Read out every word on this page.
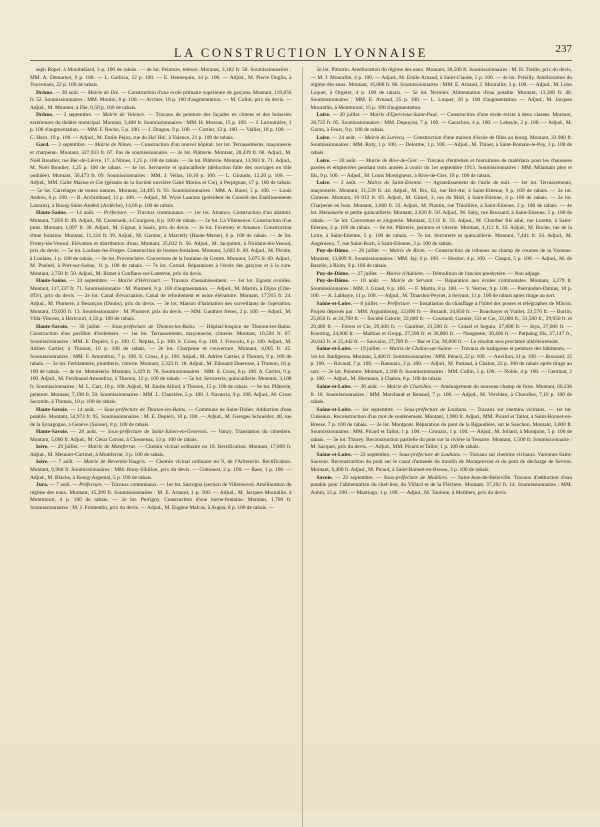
$_{LA CONSTRUCTION LYONNAISE}$	237

seph Ropel, à Montbeliard, 3 p. 100 de rabais. — 4e lot. Peinture, tenture. Montant, 3,182 fr. 50. Soumissionnaires : MM. A. Demarnet, 9 p. 100. — L. Gallicia, 12 p. 100. — E. Hennequin, 14 p. 100. — Adjud., M. Pierre Doglia, à Vouvenans, 22 p. 100 de rabais.

Drôme. — 30 août. — Mairie de Die. — Construction d'une école primaire supérieure de garçons. Montant, 119,856 fr. 52. Soumissionnaires : MM. Moulin, 8 p. 100. — Archier, 10 p. 100 d'augmentation. — M. Collot, prix du devis. — Adjud., M. Mounier, à Die, 0,50 p. 100 de rabais.

Drôme. — 3 septembre. — Mairie de Valence. — Travaux de peinture des façades en ciment et des boiseries extérieures du théâtre municipal. Montant, 3,400 fr. Soumissionnaires : MM. H. Mossan, 15 p. 100. — J. Laroumière, 1 p. 100 d'augmentation. — MM. F. Roche, 5 p. 100. — J. Dragon, 9 p. 100. — Cortier, 13 p. 100. — Vallier, 18 p. 100. — C. Hays, 19 p. 100. — Adjud., M. Emile Pejoz, rue du Ha! Ha!, à Valence, 21 p. 100 de rabais.

Gard. — 3 septembre. — Mairie de Nîmes. — Construction d'un nouvel hôpital. 1er lot. Terrassements, maçonnerie et charpente. Montant, 327,933 fr. 67. Pas de soumissionnaire. — 2e lot. Plâtrerie. Montant, 28,439 fr. 68. Adjud., M. Noël Boudier, rue Bec-de-Lièvre, 17, à Nîmes, 1,25 p. 100 de rabais. — 3e lot. Plâtrerie. Montant, 13,903 fr. 71. Adjud., M. Noël Boudier, 1,25 p. 100 de rabais. — 4e lot. Serrurerie et quincaillerie (déduction faite des ouvrages en tôle ondulée). Montant, 36,473 fr. 09. Soumissionnaires : MM. J. Vellas, 10,10 p. 100. — L. Giraudo, 12,20 p. 100. — Adjud., MM. Gaïté Marius et Cie (gérants de la Société ouvrière Gaïté Marius et Cie), à Perpignan, 17 p. 100 de rabais. — 5e lot. Carrelages de toutes natures. Montant, 24,495 fr. 93. Soumissionnaires : MM. A. Burel, 5 p. 100. — Louis Andrés, 6 p. 100. — B. Archimbaud, 11 p. 100. — Adjud., M. Wyse Laurans (président du Conseil des Etablissements Laurans), à Bourg-Saint-Andéol (Ardèche), 14,60 p. 100 de rabais.

Haute-Saône. — 14 août. — Préfecture. — Travaux communaux. — 1er lot. Amance. Construction d'un abattoir. Montant, 7,850 fr. 49. Adjud., M. Cassenade, à Courgeon, 8 p. 100 de rabais. — 2e lot. La Villeneuve. Construction d'un puits. Montant, 1,097 fr. 30. Adjud., M. Gignat, à Saulx, prix du devis. — 3e lot. Faverney et Amance. Construction d'une fontaine. Montant, 11,124 fr. 39. Adjud., M. Garnier, à Marcelly (Haute-Marne), 6 p. 100 de rabais. — 4e lot. Frotey-lès-Vesoul. Elévation et distribution d'eau. Montant, 25,832 fr. 50. Adjud., M. Jacquinot, à Noidans-lès-Vesoul, prix du devis. — 5e lot. Loulans-les-Forges. Construction de bornes-fontaines. Montant, 3,603 fr. 60. Adjud., M. Pirotte, à Loulans, 1 p. 100 de rabais. — 6e lot. Provenchère. Couverture de la fontaine du Centre. Montant, 3,075 fr. 60. Adjud., M. Pusinel, à Port-sur-Saône, 11 p. 100 de rabais. — 7e lot. Corrad. Réparations à l'école des garçons et à la cure. Montant, 2,750 fr. 50. Adjud., M. Rimet à Conflans-sur-Lanterne, prix du devis.

Haute-Saône. — 24 septembre. — Mairie d'Héricourt. — Travaux d'assainissement. — 1er lot. Egouts ovoïdes. Montant, 117,337 fr. 71. Soumissionnaire : M. Plumeré, 6 p. 100 d'augmentation. — Adjud., M. Martin, à Dijon (Côte-d'Or), prix du devis. — 2e lot. Canal d'évacuation. Canal de refoulement et usine élévatoire. Montant, 17,915 fr. 24. Adjud., M. Plumeré, à Besançon (Doubs), prix du devis. — 3e lot. Maison d'habitation des surveillants de l'opération. Montant, 19,030 fr. 13. Soumissionnaire : M. Plumeré, prix du devis. — MM. Gauthier frères, 2 p. 100. — Adjud., M. Villa-Vincent, à Héricourt, 4,50 p. 100 de rabais.

Haute-Savoie. — 30 juillet. — Sous-préfecture de Thonon-les-Bains. — Hôpital-hospice de Thonon-les-Bains. Construction d'un pavillon d'isolement. — 1er lot. Terrassements, maçonnerie, ciments. Montant, 10,503 fr. 67. Soumissionnaires : MM. E. Depiéri, 5 p. 100. C. Néplaz, 5 p. 100. S. Cross, 6 p. 100. J. Frescolu, 6 p. 100. Adjud., M. Adrien Cartier, à Thonon, 10 p. 100 de rabais. — 2e lot. Charpente et couverture. Montant, 4,065 fr. 42. Soumissionnaires : MM. F. Amondruz, 7 p. 100. S. Cross, 8 p. 100. Adjud., M. Adrien Cartier, à Thonon, 9 p. 100 de rabais. — 3e lot. Ferblanterie, plomberie, vitrerie. Montant, 2,323 fr. 18. Adjud., M. Edouard Duerosse, à Thonon, 16 p. 100 de rabais. — 4e lot. Menuiserie. Montant, 3,429 fr. 78. Soumissionnaires : MM. S. Cross, 8 p. 100. A. Cartier, 9 p. 100. Adjud., M. Ferdinand Amondruz, à Thonon, 12 p. 100 de rabais. — 5e lot. Serrurerie, quincaillerie. Montant, 3,108 fr. Soumissionnaires : M. L. Cart, 10 p. 100. Adjud., M. Emile Alliod, à Thonon, 15 p. 100 de rabais. — 6e lot. Plâtrerie, peinture. Montant, 7,198 fr. 50. Soumissionnaires : MM. L. Charrière, 5 p. 100. J. Navarria, 9 p. 100. Adjud., M. Gross Secondo, à Thonon, 10 p. 100 de rabais.

Haute-Savoie. — 14 août. — Sous-préfecture de Thonon-les-Bains. — Commune de Saint-Didier. Adduction d'eau potable. Montant, 54,974 fr. 95. Soumissionnaires : M. E. Depiéri, 10 p. 100. — Adjud., M. Georges Schneider, 40, rue de la Synagogue, à Genève (Suisse), 8 p. 100 de rabais.

Haute-Savoie. — 28 août. — Sous-préfecture de Saint-Julien-en-Genevois. — Vanzy. Translation du cimetière. Montant, 5,000 fr. Adjud., M. César Coroni, à Chessenaz, 13 p. 100 de rabais.

Isère. — 29 juillet. — Mairie de Montferrat. — Chemin vicinal ordinaire no 10. Rectification. Montant, 17,000 fr. Adjud., M. Meunier-Curtinet, à Montferrat, 3 p. 100 de rabais.

Isère. — 7 août. — Mairie de Reventin-Vaugris. — Chemin vicinal ordinaire no 9, de l'Arbresvin. Rectification. Montant, 9,900 fr. Soumissionnaires : MM. Rony-Sibillon, prix du devis. — Cottonest, 2 p. 100. — Rase, 1 p. 100. — Adjud., M. Blache, à Bourg-Argental, 5 p. 100 de rabais.

Jura. — 7 août. — Préfecture. — Travaux communaux. — 1er lot. Sarrogna (section de Villeneuve). Amélioration du régime des eaux. Montant, 15,209 fr. Soumissionnaires : M. E. Arnaud, 1 p. 100. — Adjud., M. Jacques Mourallie, à Montmorot, 4 p. 100 de rabais. — 2e lot. Perrigny. Construction d'une borne-fontaine. Montant, 1,700 fr. Soumissionnaires : M. J. Fromentin, prix du devis. — Adjud., M. Eugène Malcas, à Augea, 8 p. 100 de rabais. —

3e lot. Pimorin. Amélioration du régime des eaux. Montant, 38,500 fr. Soumissionnaires : M. H. Treille, prix du devis. — M. J. Mourallie, 4 p. 100. — Adjud., M. Emile Arnaud, à Saint-Claude, 5 p. 100. — 4e lot. Présilly. Amélioration du régime des eaux. Montant, 16,088 fr. 60. Soumissionnaires : MM. E. Arnaud, J. Mourallie, 3 p. 100. — Adjud., M. Léon Luquet, à Orgelet, 4 p. 100 de rabais. — 5e lot. Nermier. Alimentation d'eau potable. Montant, 13,388 fr. 48. Soumissionnaires : MM. E. Arnaud, 25 p. 100. — L. Luquet, 20 p. 100 d'augmentation. — Adjud., M. Jacques Mourallie, à Montmorot, 15 p. 100 d'augmentation.

Loire. — 20 juillet. — Mairie d'Epercieux-Saint-Paul. — Construction d'une école mixte à deux classes. Montant, 28,735 fr. 05. Soumissionnaires : MM. Dupuyrat, 7 p. 100. — Garachon, 4 p. 100. — Lebayle, 2 p. 100. — Adjud., M. Garon, à Feurs, 9 p. 100 de rabais.

Loire. — 24 août. — Mairie de Luriecq. — Construction d'une maison d'école de filles au bourg. Montant, 33 900 fr. Soumissionnaires : MM. Roly, 1 p. 100. — Delorme, 1 p. 100. — Adjud., M. Thinet, à Saint-Romain-le-Puy, 3 p. 100 de rabais.

Loire. — 28 août. — Mairie de Rive-de-Gier. — Travaux d'entretien et fournitures de matériaux pour les chaussées pavées et empierrées pendant trois années à courir du 1er septembre 1913. Soumissionnaires : MM. Milamant père et fils, 9 p. 100. — Adjud., M. Louis Montigneux, à Rive-de-Gier, 10 p. 100 de rabais.

Loire. — 2 août. — Mairie de Saint-Etienne. — Agrandissement de l'asile de nuit. — 1er lot. Terrassements, maçonnerie. Montant, 31,539 fr. 44. Adjud., M. Rix, 62, rue Bel-Air, à Saint-Etienne, 9 p. 100 de rabais. — 2e lot. Ciments. Montant, 10 012 fr. 03. Adjud., M. Gimel, 3, rue du Midi, à Saint-Etienne, 4 p. 100 de rabais. — 3e lot. Charpente en bois. Montant, 3,060 fr. 33. Adjud., M. Plantin, rue Thiollière, à Saint-Etienne, 2 p. 100 de rabais. — 4e lot. Menuiserie et petite quincaillerie. Montant, 2,620 fr. 50. Adjud., M. Saby, rue Brossard, à Saint-Etienne, 5 p. 100 de rabais. — 5e lot. Couverture et zinguerie. Montant, 2,131 fr. 33. Adjud., M. Chardier fils aîné, rue Lorette, à Saint-Etienne, 2 p. 100 de rabais. — 6e lot. Plâtrerie, peinture et vitrerie. Montant, 4,112 fr. 33. Adjud., M. Roche, rue de la Loire, à Saint-Etienne, 5 p. 100 de rabais. — 7e lot. Serrurerie et quincaillerie. Montant, 7,441 fr. 33. Adjud., M. Angénieux, 7, rue Saint-Roch, à Saint-Etienne, 2 p. 100 de rabais.

Puy-de-Dôme. — 26 juillet. — Mairie de Riom. — Construction de tribunes au champ de courses de la Varenne. Montant, 13,609 fr. Soumissionnaires : MM. Jay, 6 p. 100. — Hostier, 4 p. 100. — Chaput, 5 p. 100. — Adjud., M. de Bazelle, à Riom, 9 p. 100 de rabais.

Puy-de-Dôme. — 27 juillet. — Mairie d'Aubière. — Démolition de l'ancien presbytère. — Non adjugé.

Puy-de-Dôme. — 10 août. — Mairie de Servant. — Réparation aux écoles communales. Montant, 3,279 fr. Soumissionnaires : MM. J. Graud, 6 p. 100. — F. Martin, 8 p. 100. — V. Verrier, 9 p. 100. — Pierrandon-Dumas, 10 p. 100. — A. Labbaye, 11 p. 100. — Adjud., M. Tinardon-Peynet, à Servant, 11 p. 100 de rabais après tirage au sort.

Saône-et-Loire. — 8 juillet. — Préfecture. — Installation du chauffage à l'hôtel des postes et télégraphes de Mâcon. Projets déposés par : MM. Argumbourg, 32,890 fr. — Bezault, 24,850 fr. — Bouchayer et Viallet, 23,570 fr. — Burlin, 25,850 fr. et 24,700 fr. — Société Calorie, 22,600 fr. — Courtand, Garnier, Gil et Cie, 33,000 fr., 31,500 fr., 29,950 fr. et 29,400 fr. — Forest et Cie, 29,400 fr. — Gauthier, 21,500 fr. — Guisel et Seguin, 27,800 fr. — Joya, 27,000 fr. — Koerting, 24,000 fr. — Mathias et Gropp, 27,500 fr. et 30,800 fr. — Naugnette, 30,400 fr. — Parpaing fils, 27,147 fr., 26,642 fr. et 25,442 fr. — Sauvaire, 27,700 fr. — Bar et Cie, 30,000 fr. — Le résultat sera proclamé ultérieurement.

Saône-et-Loire. — 19 juillet. — Mairie de Chalon-sur-Saône. — Travaux de badigeons et peinture des bâtiments. — 1er lot. Badigeons. Montant, 5,400 fr. Soumissionnaires : MM. Pérard, 22 p. 100. — Auvillon, 21 p. 100. — Brunaud, 15 p. 100. — Ravaud, 7 p. 100. — Ratouaix, 2 p. 100. — Adjud., M. Putiaud, à Chalon, 22 p. 100 de rabais après tirage au sort. — 2e lot. Peinture. Montant, 2,100 fr. Soumissionnaires : MM. Collin, 5 p. 100. — Noble, 4 p. 100. — Gentinat, 2 p. 100. — Adjud., M. Hermann, à Chalon, 6 p. 100 de rabais.

Saône-et-Loire. — 30 août. — Mairie de Charolles. — Aménagement du nouveau champ de foire. Montant, 60,236 fr. 10. Soumissionnaires : MM. Marchand et Renaud, 7 p. 100. — Adjud., M. Verchère, à Charolles, 7,10 p. 100 de rabais.

Saône-et-Loire. — 1er septembre. — Sous-préfecture de Louhans. — Travaux sur chemins vicinaux. — 1er lot. Cuiseaux. Reconstruction d'un mur de soutènement. Montant, 1,900 fr. Adjud., MM. Picard et Tallot, à Saint-Bonnet-en-Bresse, 7 p. 100 de rabais. — 2e lot. Montpont. Réparation du pont de la Bigaudière, sur le Sauchon. Montant, 3,000 fr. Soumissionnaires : MM. Picard et Tallot, 1 p. 100. — Grouzix, 1 p. 100. — Adjud., M. Juliard, à Montpont, 5 p. 100 de rabais. — 3e lot. Thurey. Reconstruction partielle du pont sur la rivière la Tessarre. Montant, 1,500 fr. Soumissionnaire : M. Sacquet, prix du devis. — Adjud., MM. Picard et Tallot, 1 p. 100 de rabais.

Saône-et-Loire. — 22 septembre. — Sous-préfecture de Louhans. — Travaux sur chemins vicinaux. Varennes-Saint-Sauveur. Reconstruction du pont sur le canal d'amenée du moulin de Montprevost et du pont de décharge de Sevron. Montant, 6,400 fr. Adjud., M. Picard, à Saint-Bonnet-en-Bresse, 3 p. 100 de rabais.

Savoie. — 22 septembre. — Sous-préfecture de Moûtiers. — Saint-Jean-de-Belleville. Travaux d'adduction d'eau potable pour l'alimentation du chef-lieu, du Villard et de la Fléchère. Montant, 37,202 fr. 14. Soumissionnaires : MM. Aubin, 15 p. 100. — Mantiugo, 1 p. 100. — Adjud., M. Tonione, à Moûtiers, prix du devis.
